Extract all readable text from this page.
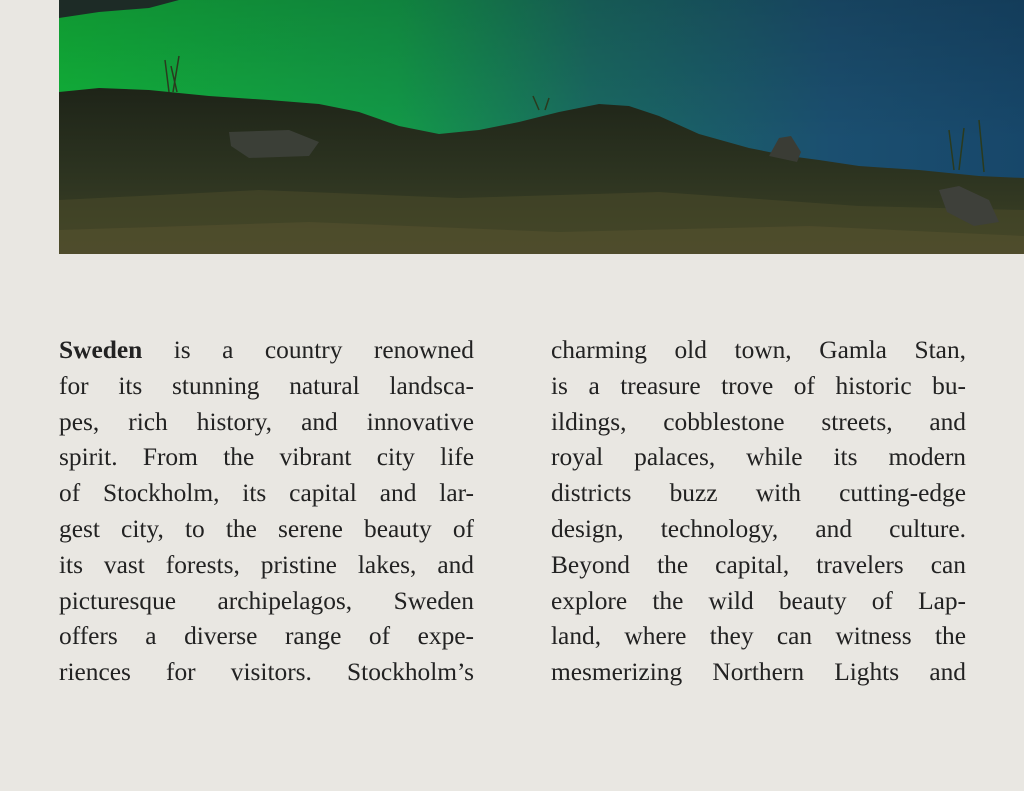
Sweden is a country renowned
for its stunning natural landsca-
pes, rich history, and innovative
spirit. From the vibrant city life
of Stockholm, its capital and lar-
gest city, to the serene beauty of
its vast forests, pristine lakes, and
picturesque archipelagos, Sweden
offers a diverse range of expe-
riences for visitors. Stockholm’s
charming old town, Gamla Stan,
is a treasure trove of historic bu-
ildings, cobblestone streets, and
royal palaces, while its modern
districts buzz with cutting-edge
design, technology, and culture.
Beyond the capital, travelers can
explore the wild beauty of Lap-
land, where they can witness the
mesmerizing Northern Lights and
